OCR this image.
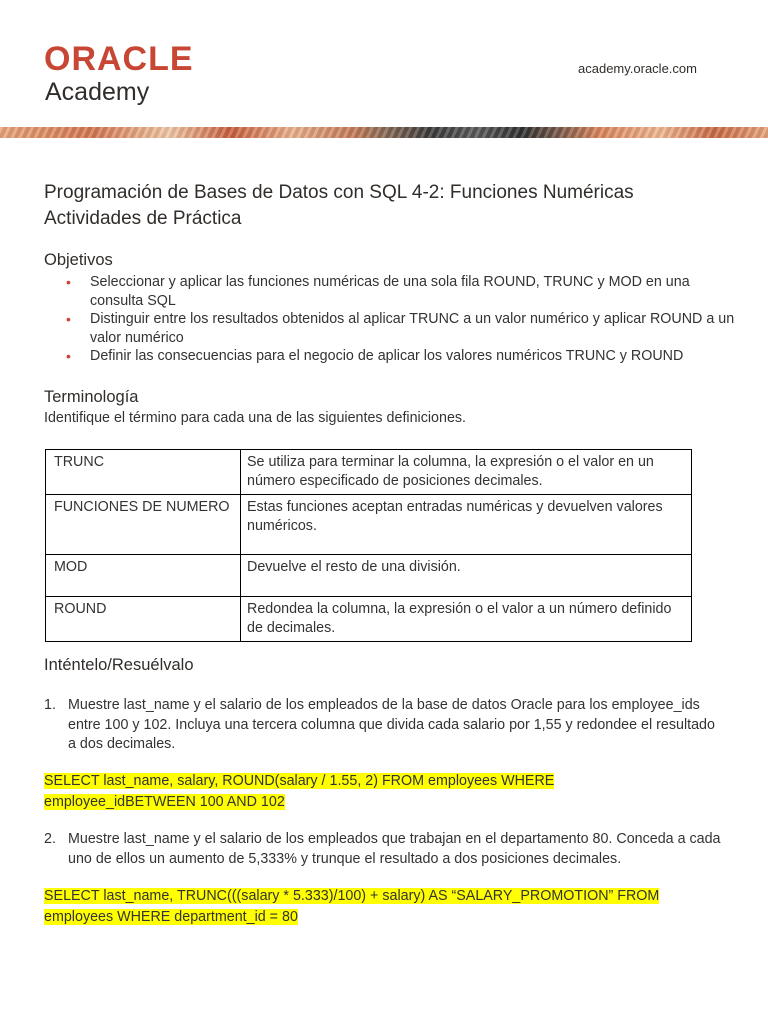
ORACLE
Academy
academy.oracle.com
Programación de Bases de Datos con SQL 4-2: Funciones Numéricas
Actividades de Práctica
Objetivos
• Seleccionar y aplicar las funciones numéricas de una sola fila ROUND, TRUNC y MOD en una consulta SQL
• Distinguir entre los resultados obtenidos al aplicar TRUNC a un valor numérico y aplicar ROUND a un valor numérico
• Definir las consecuencias para el negocio de aplicar los valores numéricos TRUNC y ROUND
Terminología
Identifique el término para cada una de las siguientes definiciones.
TRUNC	Se utiliza para terminar la columna, la expresión o el valor en un número especificado de posiciones decimales.
FUNCIONES DE NUMERO	Estas funciones aceptan entradas numéricas y devuelven valores numéricos.
MOD	Devuelve el resto de una división.
ROUND	Redondea la columna, la expresión o el valor a un número definido de decimales.
Inténtelo/Resuélvalo
1. Muestre last_name y el salario de los empleados de la base de datos Oracle para los employee_ids entre 100 y 102. Incluya una tercera columna que divida cada salario por 1,55 y redondee el resultado a dos decimales.
SELECT last_name, salary, ROUND(salary / 1.55, 2) FROM employees WHERE
employee_idBETWEEN 100 AND 102
2. Muestre last_name y el salario de los empleados que trabajan en el departamento 80. Conceda a cada uno de ellos un aumento de 5,333% y trunque el resultado a dos posiciones decimales.
SELECT last_name, TRUNC(((salary * 5.333)/100) + salary) AS “SALARY_PROMOTION” FROM
employees WHERE department_id = 80
